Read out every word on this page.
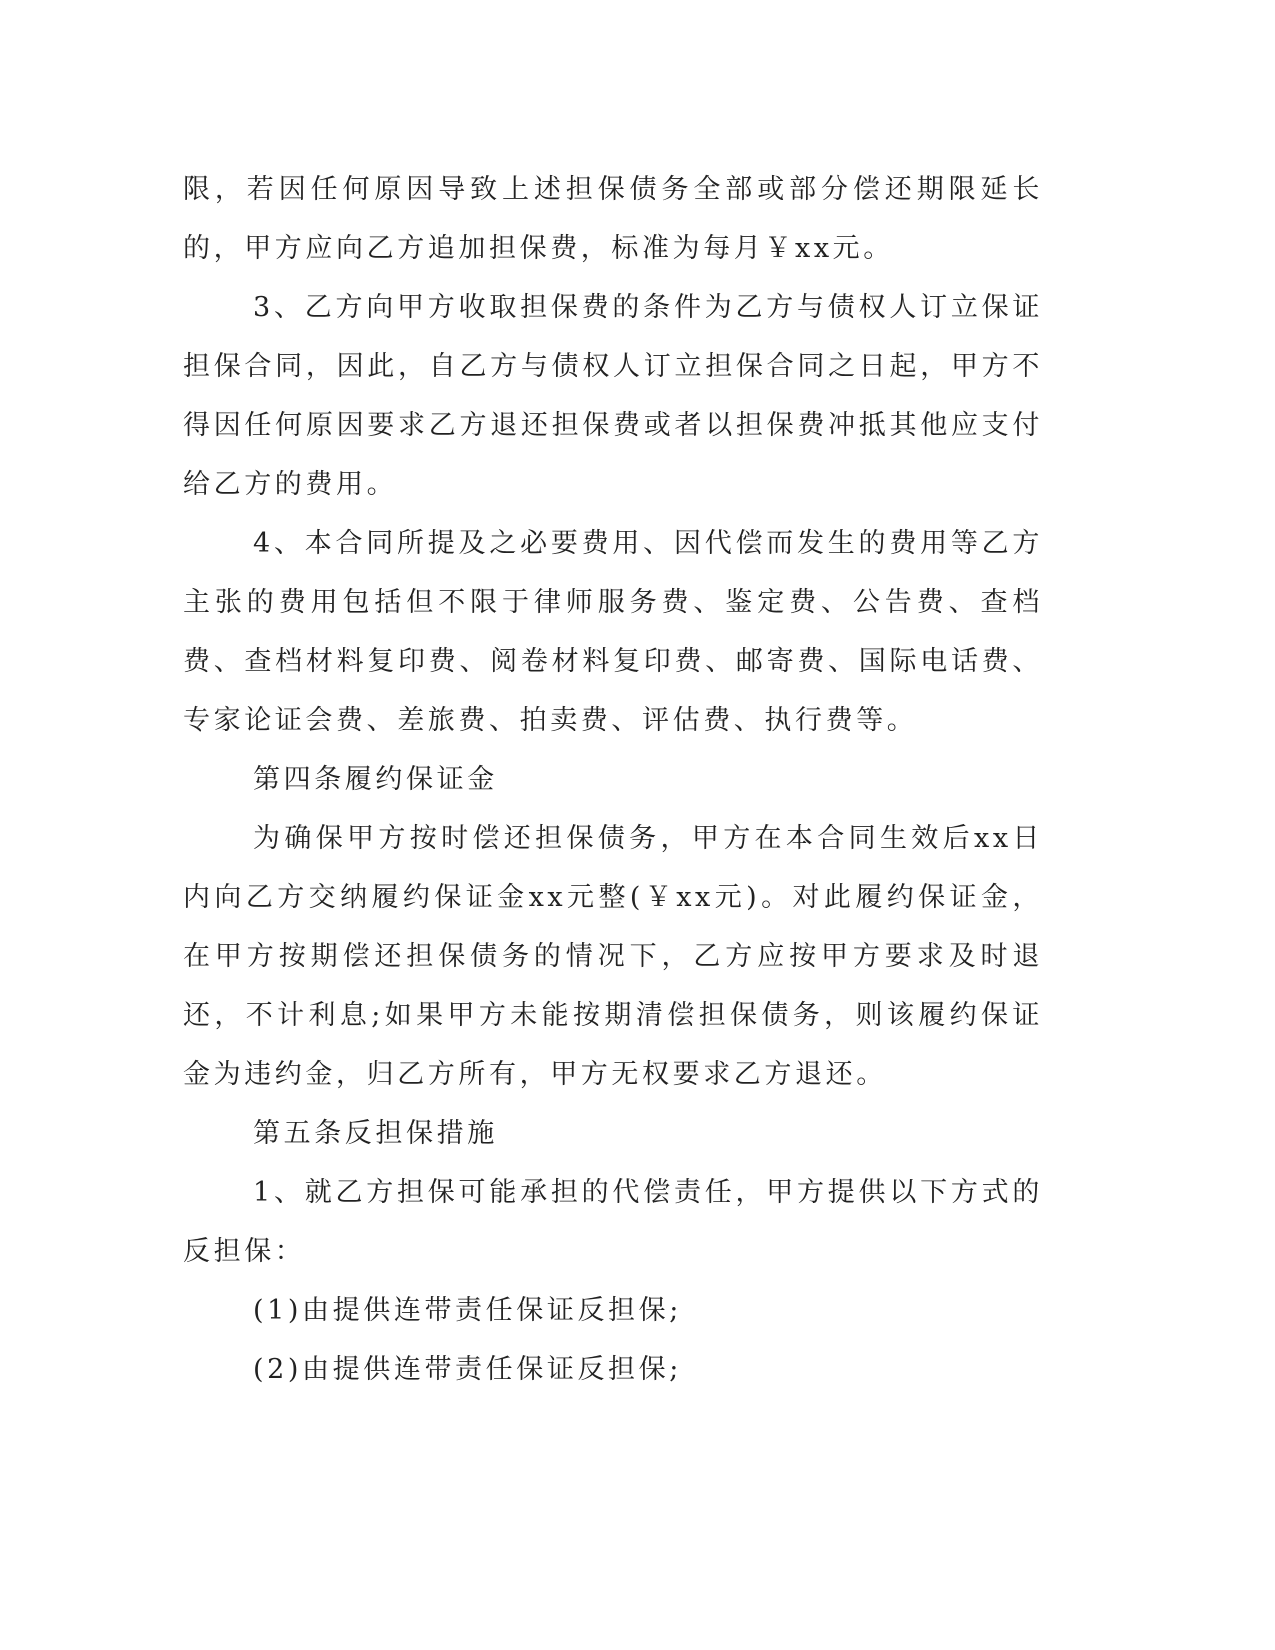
限，若因任何原因导致上述担保债务全部或部分偿还期限延长的，甲方应向乙方追加担保费，标准为每月￥xx元。

3、乙方向甲方收取担保费的条件为乙方与债权人订立保证担保合同，因此，自乙方与债权人订立担保合同之日起，甲方不得因任何原因要求乙方退还担保费或者以担保费冲抵其他应支付给乙方的费用。

4、本合同所提及之必要费用、因代偿而发生的费用等乙方主张的费用包括但不限于律师服务费、鉴定费、公告费、查档费、查档材料复印费、阅卷材料复印费、邮寄费、国际电话费、专家论证会费、差旅费、拍卖费、评估费、执行费等。

第四条履约保证金

为确保甲方按时偿还担保债务，甲方在本合同生效后xx日内向乙方交纳履约保证金xx元整(￥xx元)。对此履约保证金，在甲方按期偿还担保债务的情况下，乙方应按甲方要求及时退还，不计利息;如果甲方未能按期清偿担保债务，则该履约保证金为违约金，归乙方所有，甲方无权要求乙方退还。

第五条反担保措施

1、就乙方担保可能承担的代偿责任，甲方提供以下方式的反担保：

(1)由提供连带责任保证反担保;

(2)由提供连带责任保证反担保;
